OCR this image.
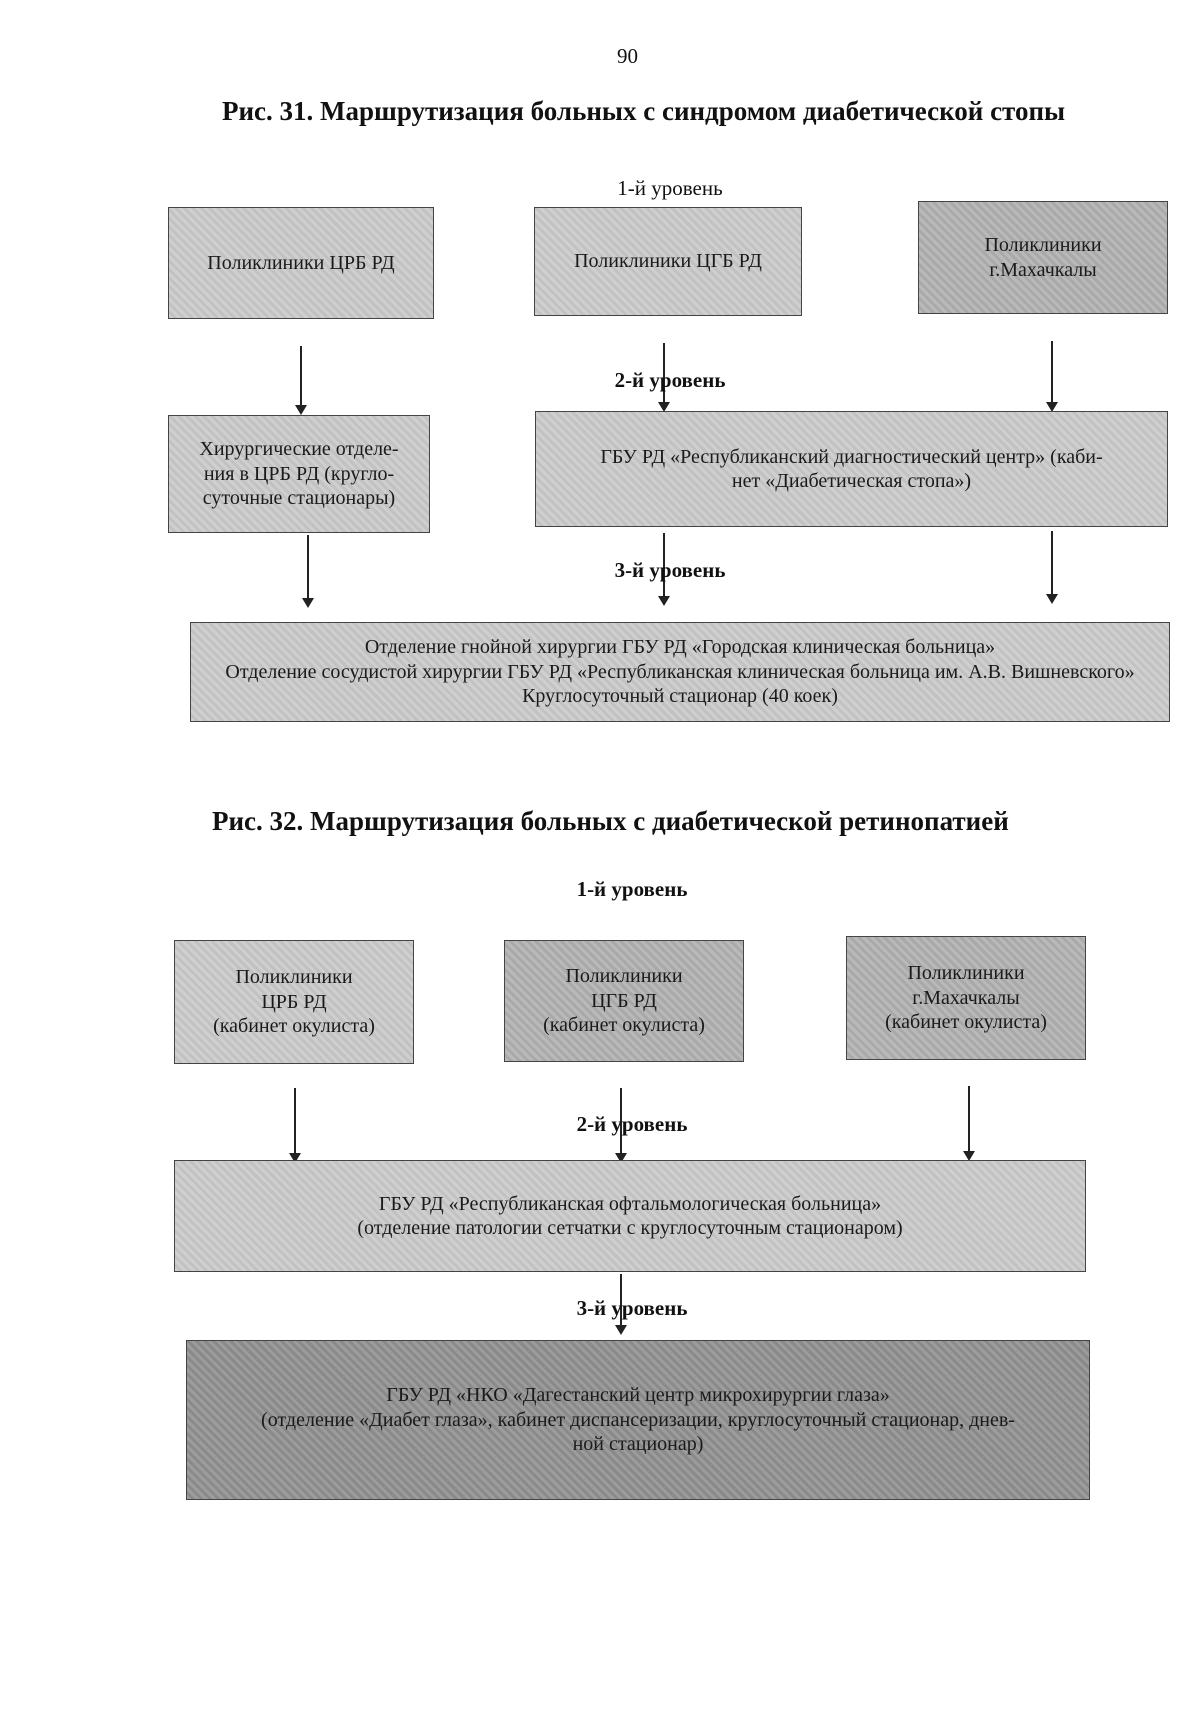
90
Рис. 31. Маршрутизация больных с синдромом диабетической стопы
1-й уровень
Поликлиники ЦРБ РД	Поликлиники ЦГБ РД
Поликлиники
г.Махачкалы
2-й уровень
Хирургические отделе-
ния в ЦРБ РД (кругло-
суточные стационары)
ГБУ РД «Республиканский диагностический центр» (каби-
нет «Диабетическая стопа»)
3-й уровень
Отделение гнойной хирургии ГБУ РД «Городская клиническая больница»
Отделение сосудистой хирургии ГБУ РД «Республиканская клиническая больница им. А.В. Вишневского»
Круглосуточный стационар (40 коек)
Рис. 32. Маршрутизация больных с диабетической ретинопатией
1-й уровень
Поликлиники
ЦРБ РД
(кабинет окулиста)
Поликлиники
ЦГБ РД
(кабинет окулиста)
Поликлиники
г.Махачкалы
(кабинет окулиста)
2-й уровень
ГБУ РД «Республиканская офтальмологическая больница»
(отделение патологии сетчатки с круглосуточным стационаром)
3-й уровень
ГБУ РД «НКО «Дагестанский центр микрохирургии глаза»
(отделение «Диабет глаза», кабинет диспансеризации, круглосуточный стационар, днев-
ной стационар)
